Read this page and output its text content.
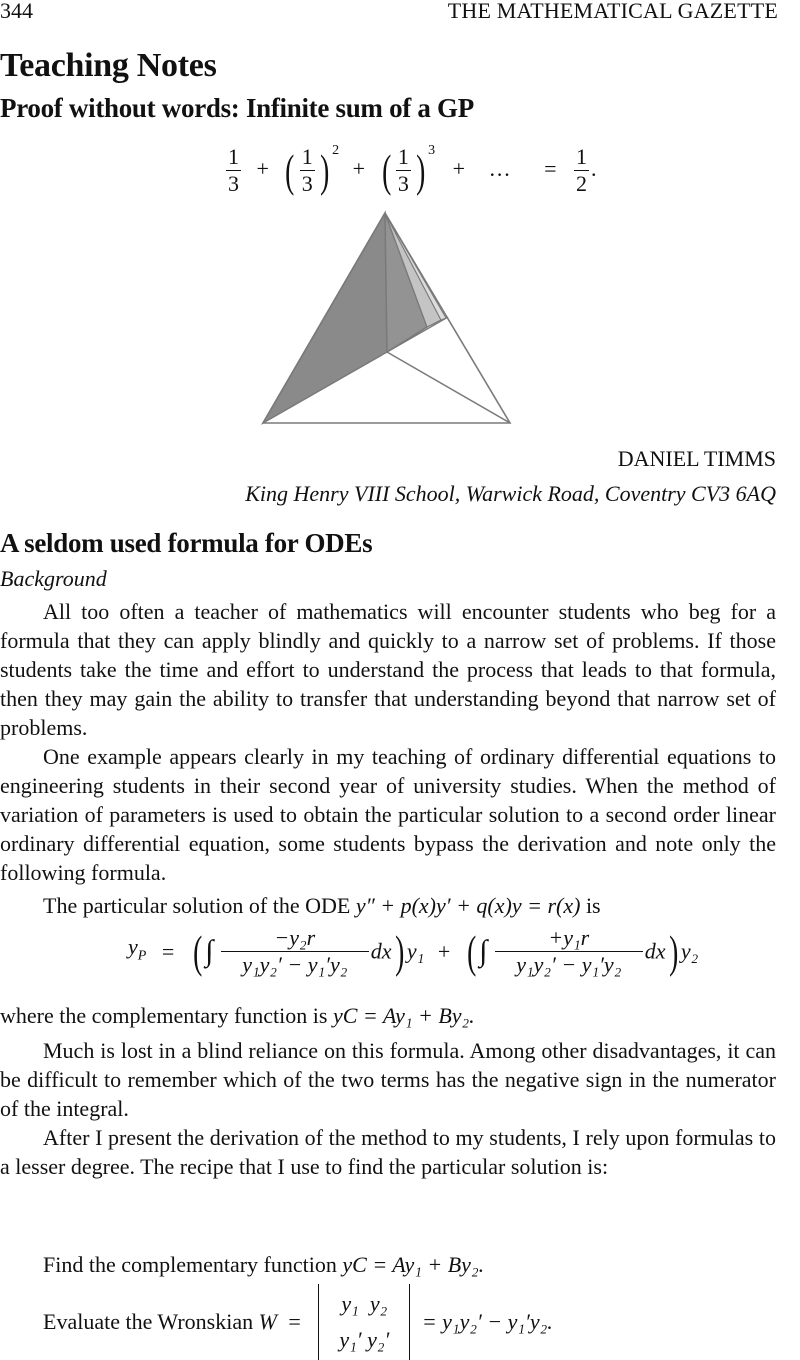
344	THE MATHEMATICAL GAZETTE
Teaching Notes
Proof without words: Infinite sum of a GP
$\frac{1}{3}$ + ( $\frac{1}{3}$ ) $^2$ + ( $\frac{1}{3}$ ) $^3$ + … = $\frac{1}{2}$ .
DANIEL TIMMS
King Henry VIII School, Warwick Road, Coventry CV3 6AQ
A seldom used formula for ODEs
Background
All too often a teacher of mathematics will encounter students who beg for a formula that they can apply blindly and quickly to a narrow set of problems. If those students take the time and effort to understand the process that leads to that formula, then they may gain the ability to transfer that understanding beyond that narrow set of problems.
One example appears clearly in my teaching of ordinary differential equations to engineering students in their second year of university studies. When the method of variation of parameters is used to obtain the particular solution to a second order linear ordinary differential equation, some students bypass the derivation and note only the following formula.
The particular solution of the ODE y″ + p(x)y′ + q(x)y = r(x) is
$y_P$ = ( ∫ $\frac{\text{−y₂r}}{\text{y₁y₂′ − y₁′y₂}} dx$) y₁ + ( ∫ $\frac{\text{+y₁r}}{\text{y₁y₂′ − y₁′y₂}} dx$) y₂
where the complementary function is yC = Ay₁ + By₂.
Much is lost in a blind reliance on this formula. Among other disadvantages, it can be difficult to remember which of the two terms has the negative sign in the numerator of the integral.
After I present the derivation of the method to my students, I rely upon formulas to a lesser degree. The recipe that I use to find the particular solution is:
Find the complementary function yC = Ay₁ + By₂.
Evaluate the Wronskian W = y₁ y₂
y₁′ y₂′ = y₁y₂′ − y₁′y₂.
